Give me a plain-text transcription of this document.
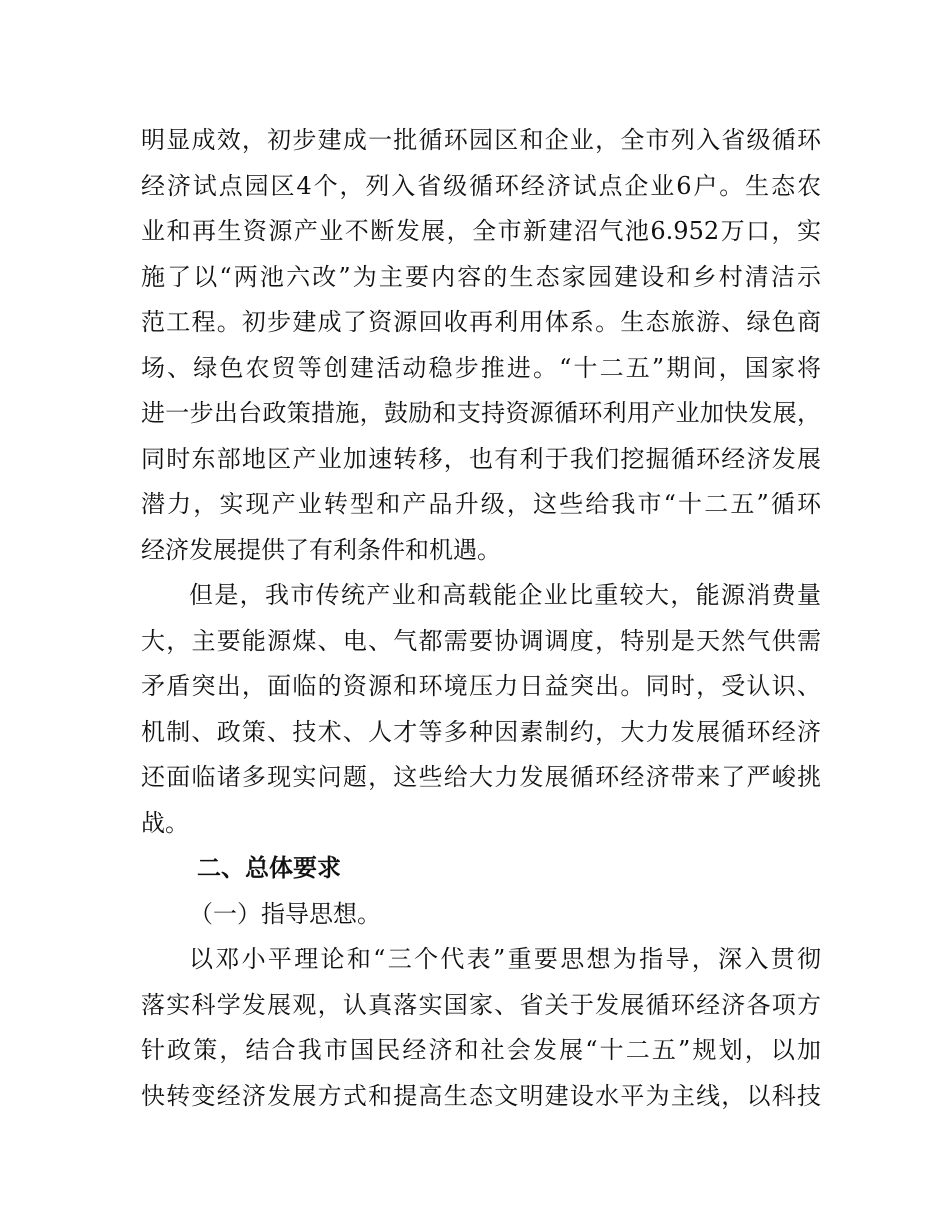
明显成效，初步建成一批循环园区和企业，全市列入省级循环
经济试点园区4个，列入省级循环经济试点企业6户。生态农
业和再生资源产业不断发展，全市新建沼气池6.952万口，实
施了以“两池六改”为主要内容的生态家园建设和乡村清洁示
范工程。初步建成了资源回收再利用体系。生态旅游、绿色商
场、绿色农贸等创建活动稳步推进。“十二五”期间，国家将
进一步出台政策措施，鼓励和支持资源循环利用产业加快发展，
同时东部地区产业加速转移，也有利于我们挖掘循环经济发展
潜力，实现产业转型和产品升级，这些给我市“十二五”循环
经济发展提供了有利条件和机遇。
但是，我市传统产业和高载能企业比重较大，能源消费量
大，主要能源煤、电、气都需要协调调度，特别是天然气供需
矛盾突出，面临的资源和环境压力日益突出。同时，受认识、
机制、政策、技术、人才等多种因素制约，大力发展循环经济
还面临诸多现实问题，这些给大力发展循环经济带来了严峻挑
战。
二、总体要求
（一）指导思想。
以邓小平理论和“三个代表”重要思想为指导，深入贯彻
落实科学发展观，认真落实国家、省关于发展循环经济各项方
针政策，结合我市国民经济和社会发展“十二五”规划，以加
快转变经济发展方式和提高生态文明建设水平为主线，以科技
